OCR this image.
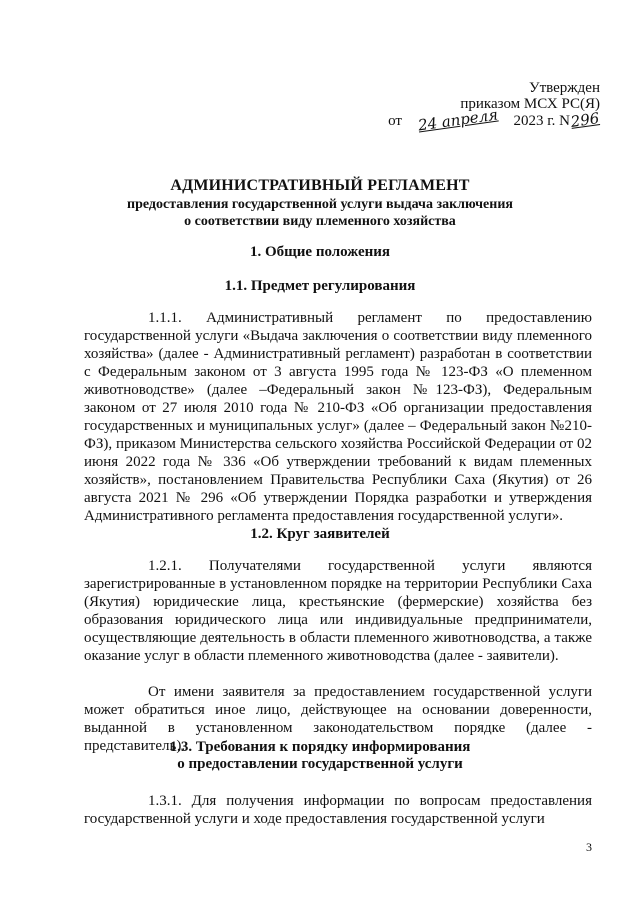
Утвержден
приказом МСХ РС(Я)
от 24 апреля 2023 г. N296
АДМИНИСТРАТИВНЫЙ РЕГЛАМЕНТ
предоставления государственной услуги выдача заключения
о соответствии виду племенного хозяйства
1. Общие положения
1.1. Предмет регулирования
1.1.1. Административный регламент по предоставлению государственной услуги «Выдача заключения о соответствии виду племенного хозяйства» (далее - Административный регламент) разработан в соответствии с Федеральным законом от 3 августа 1995 года № 123-ФЗ «О племенном животноводстве» (далее –Федеральный закон №123-ФЗ), Федеральным законом от 27 июля 2010 года № 210-ФЗ «Об организации предоставления государственных и муниципальных услуг» (далее – Федеральный закон №210-ФЗ), приказом Министерства сельского хозяйства Российской Федерации от 02 июня 2022 года № 336 «Об утверждении требований к видам племенных хозяйств», постановлением Правительства Республики Саха (Якутия) от 26 августа 2021 № 296 «Об утверждении Порядка разработки и утверждения Административного регламента предоставления государственной услуги».
1.2. Круг заявителей
1.2.1. Получателями государственной услуги являются зарегистрированные в установленном порядке на территории Республики Саха (Якутия) юридические лица, крестьянские (фермерские) хозяйства без образования юридического лица или индивидуальные предприниматели, осуществляющие деятельность в области племенного животноводства, а также оказание услуг в области племенного животноводства (далее - заявители).
От имени заявителя за предоставлением государственной услуги может обратиться иное лицо, действующее на основании доверенности, выданной в установленном законодательством порядке (далее - представитель).
1.3. Требования к порядку информирования
о предоставлении государственной услуги
1.3.1. Для получения информации по вопросам предоставления государственной услуги и ходе предоставления государственной услуги
3
